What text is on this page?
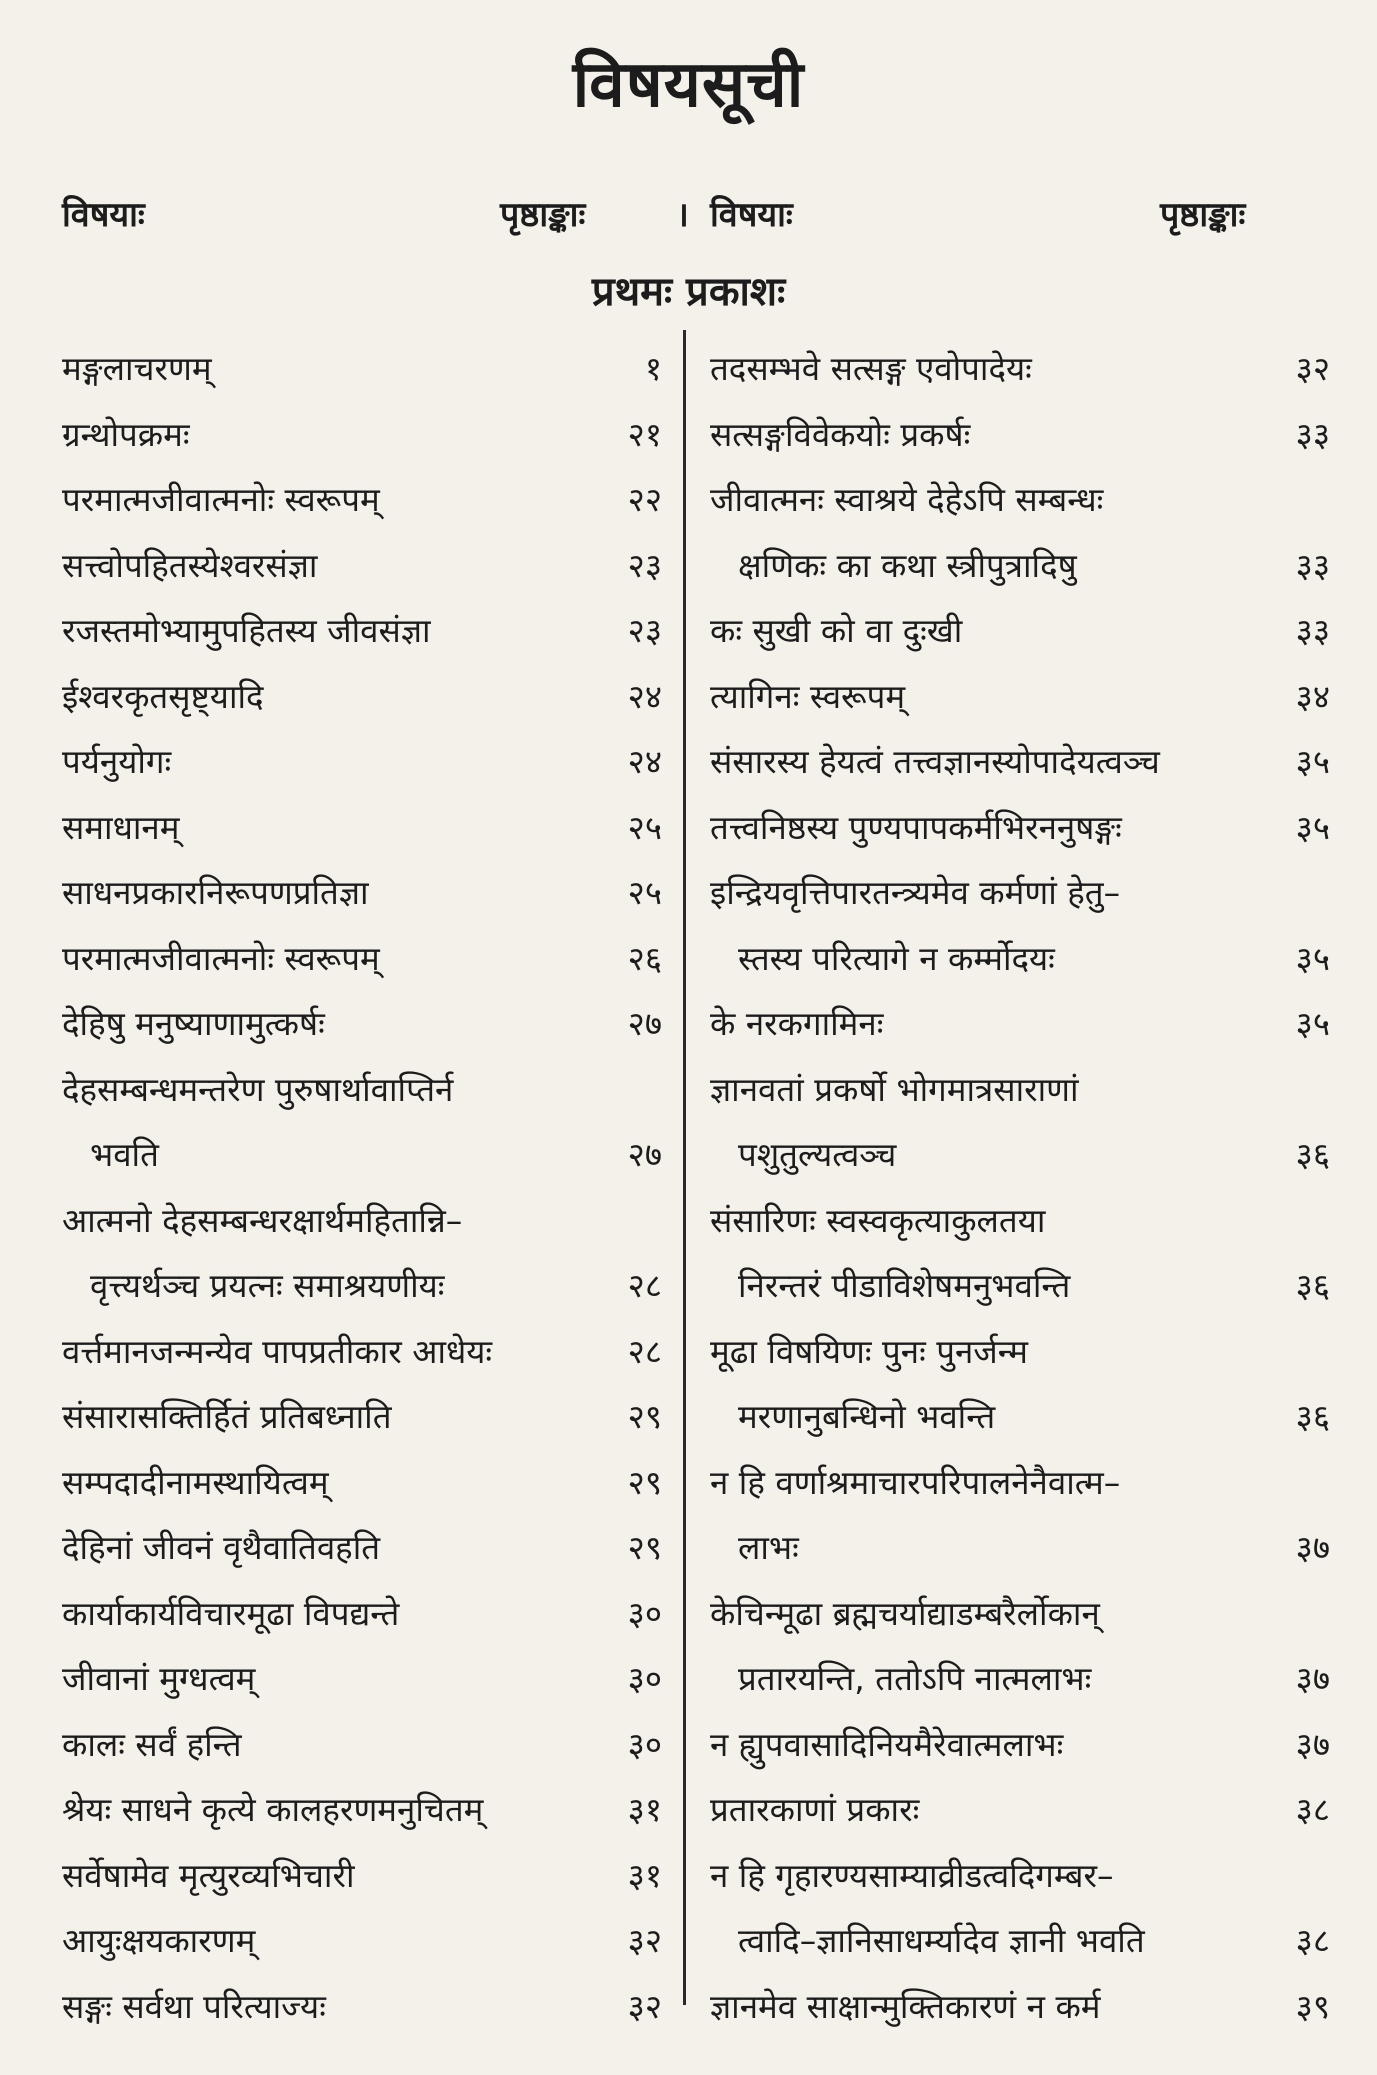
विषयसूची
विषयाः	पृष्ठाङ्काः	। विषयाः	पृष्ठाङ्काः
प्रथमः प्रकाशः
मङ्गलाचरणम्	१
ग्रन्थोपक्रमः	२१
परमात्मजीवात्मनोः स्वरूपम्	२२
सत्त्वोपहितस्येश्वरसंज्ञा	२३
रजस्तमोभ्यामुपहितस्य जीवसंज्ञा	२३
ईश्वरकृतसृष्ट्यादि	२४
पर्यनुयोगः	२४
समाधानम्	२५
साधनप्रकारनिरूपणप्रतिज्ञा	२५
परमात्मजीवात्मनोः स्वरूपम्	२६
देहिषु मनुष्याणामुत्कर्षः	२७
देहसम्बन्धमन्तरेण पुरुषार्थावाप्तिर्न
भवति	२७
आत्मनो देहसम्बन्धरक्षार्थमहितान्नि–
वृत्त्यर्थञ्च प्रयत्नः समाश्रयणीयः	२८
वर्त्तमानजन्मन्येव पापप्रतीकार आधेयः	२८
संसारासक्तिर्हितं प्रतिबध्नाति	२९
सम्पदादीनामस्थायित्वम्	२९
देहिनां जीवनं वृथैवातिवहति	२९
कार्याकार्यविचारमूढा विपद्यन्ते	३०
जीवानां मुग्धत्वम्	३०
कालः सर्वं हन्ति	३०
श्रेयः साधने कृत्ये कालहरणमनुचितम्	३१
सर्वेषामेव मृत्युरव्यभिचारी	३१
आयुःक्षयकारणम्	३२
सङ्गः सर्वथा परित्याज्यः	३२
तदसम्भवे सत्सङ्ग एवोपादेयः	३२
सत्सङ्गविवेकयोः प्रकर्षः	३३
जीवात्मनः स्वाश्रये देहेऽपि सम्बन्धः
क्षणिकः का कथा स्त्रीपुत्रादिषु	३३
कः सुखी को वा दुःखी	३३
त्यागिनः स्वरूपम्	३४
संसारस्य हेयत्वं तत्त्वज्ञानस्योपादेयत्वञ्च	३५
तत्त्वनिष्ठस्य पुण्यपापकर्मभिरननुषङ्गः	३५
इन्द्रियवृत्तिपारतन्त्र्यमेव कर्मणां हेतु–
स्तस्य परित्यागे न कर्म्मोदयः	३५
के नरकगामिनः	३५
ज्ञानवतां प्रकर्षो भोगमात्रसाराणां
पशुतुल्यत्वञ्च	३६
संसारिणः स्वस्वकृत्याकुलतया
निरन्तरं पीडाविशेषमनुभवन्ति	३६
मूढा विषयिणः पुनः पुनर्जन्म
मरणानुबन्धिनो भवन्ति	३६
न हि वर्णाश्रमाचारपरिपालनेनैवात्म–
लाभः	३७
केचिन्मूढा ब्रह्मचर्याद्याडम्बरैर्लोकान्
प्रतारयन्ति, ततोऽपि नात्मलाभः	३७
न ह्युपवासादिनियमैरेवात्मलाभः	३७
प्रतारकाणां प्रकारः	३८
न हि गृहारण्यसाम्याव्रीडत्वदिगम्बर–
त्वादि–ज्ञानिसाधर्म्यादेव ज्ञानी भवति	३८
ज्ञानमेव साक्षान्मुक्तिकारणं न कर्म	३९
